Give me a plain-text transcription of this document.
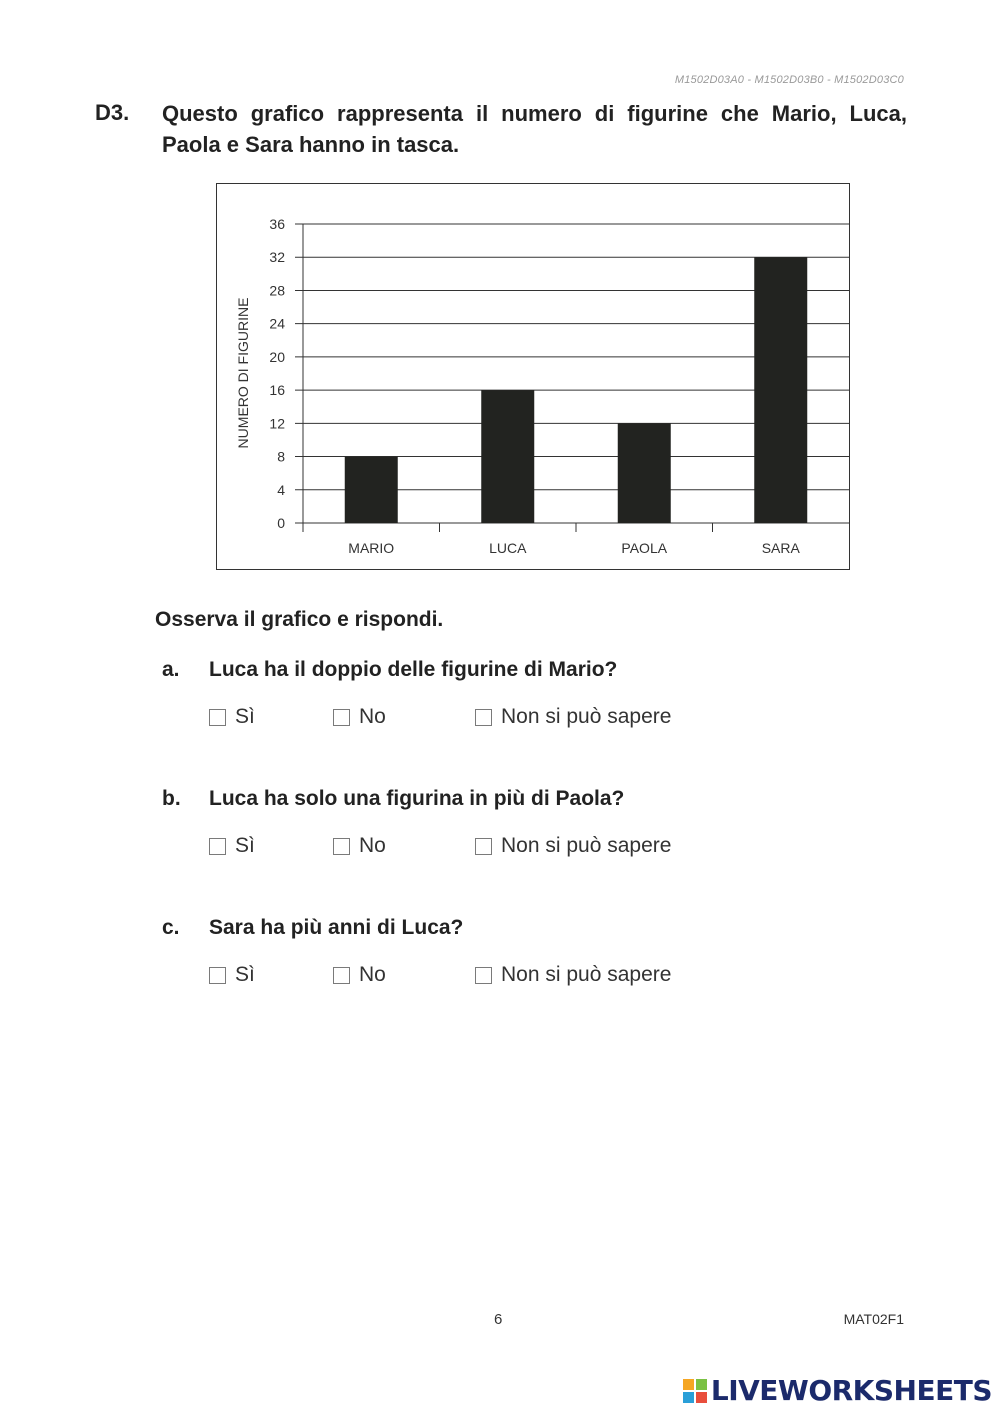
M1502D03A0 - M1502D03B0 - M1502D03C0
D3. Questo grafico rappresenta il numero di figurine che Mario, Luca, Paola e Sara hanno in tasca.
0
4
8
12
16
20
24
28
32
36
MARIO	LUCA	PAOLA	SARA
NUMERO DI FIGURINE
Osserva il grafico e rispondi.
a. Luca ha il doppio delle figurine di Mario?
Sì	No	Non si può sapere
b. Luca ha solo una figurina in più di Paola?
Sì	No	Non si può sapere
c. Sara ha più anni di Luca?
Sì	No	Non si può sapere
6	MAT02F1
LIVEWORKSHEETS
